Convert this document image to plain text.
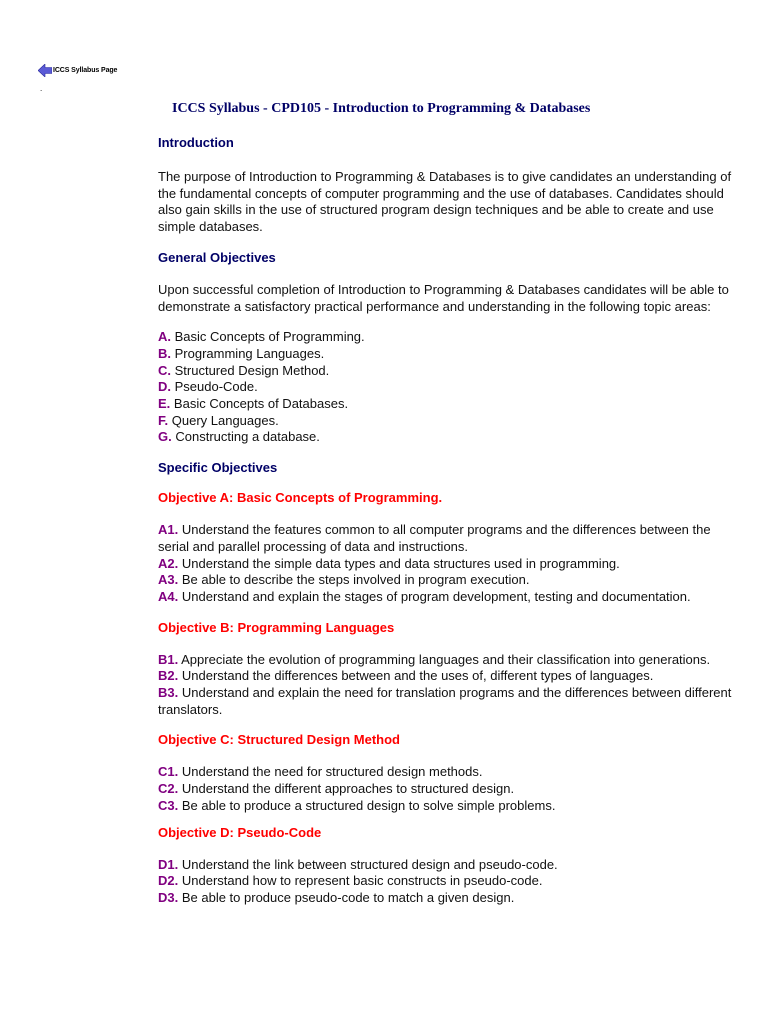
ICCS Syllabus Page
.
ICCS Syllabus - CPD105 - Introduction to Programming & Databases
Introduction

The purpose of Introduction to Programming & Databases is to give candidates an understanding of the fundamental concepts of computer programming and the use of databases. Candidates should also gain skills in the use of structured program design techniques and be able to create and use simple databases.

General Objectives

Upon successful completion of Introduction to Programming & Databases candidates will be able to demonstrate a satisfactory practical performance and understanding in the following topic areas:

A. Basic Concepts of Programming.

B. Programming Languages.

C. Structured Design Method.

D. Pseudo-Code.

E. Basic Concepts of Databases.

F. Query Languages.

G. Constructing a database.

Specific Objectives
Objective A: Basic Concepts of Programming.

A1. Understand the features common to all computer programs and the differences between the serial and parallel processing of data and instructions.

A2. Understand the simple data types and data structures used in programming.

A3. Be able to describe the steps involved in program execution.

A4. Understand and explain the stages of program development, testing and documentation.

Objective B: Programming Languages

B1. Appreciate the evolution of programming languages and their classification into generations.

B2. Understand the differences between and the uses of, different types of languages.

B3. Understand and explain the need for translation programs and the differences between different translators.

Objective C: Structured Design Method

C1. Understand the need for structured design methods.

C2. Understand the different approaches to structured design.

C3. Be able to produce a structured design to solve simple problems.

Objective D: Pseudo-Code

D1. Understand the link between structured design and pseudo-code.

D2. Understand how to represent basic constructs in pseudo-code.

D3. Be able to produce pseudo-code to match a given design.
